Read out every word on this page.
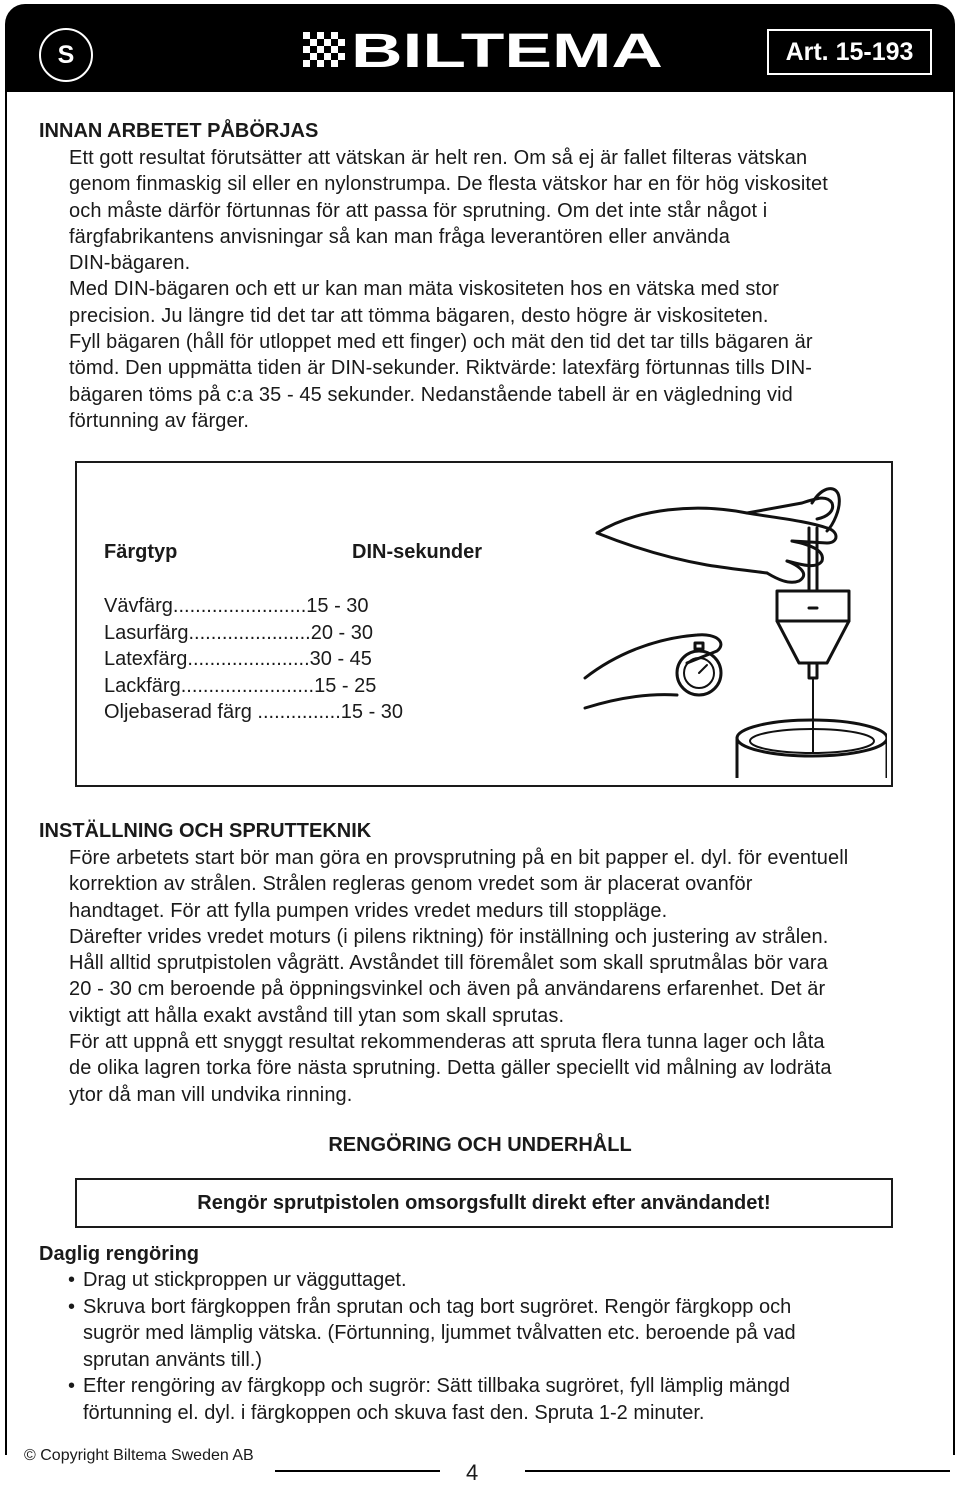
S	BILTEMA	Art. 15-193
INNAN ARBETET PÅBÖRJAS
Ett gott resultat förutsätter att vätskan är helt ren. Om så ej är fallet filteras vätskan
genom finmaskig sil eller en nylonstrumpa. De flesta vätskor har en för hög viskositet
och måste därför förtunnas för att passa för sprutning. Om det inte står något i
färgfabrikantens anvisningar så kan man fråga leverantören eller använda
DIN-bägaren.
Med DIN-bägaren och ett ur kan man mäta viskositeten hos en vätska med stor
precision. Ju längre tid det tar att tömma bägaren, desto högre är viskositeten.
Fyll bägaren (håll för utloppet med ett finger) och mät den tid det tar tills bägaren är
tömd. Den uppmätta tiden är DIN-sekunder. Riktvärde: latexfärg förtunnas tills DIN-
bägaren töms på c:a 35 - 45 sekunder. Nedanstående tabell är en vägledning vid
förtunning av färger.
Färgtyp	DIN-sekunder
Vävfärg........................15 - 30
Lasurfärg......................20 - 30
Latexfärg......................30 - 45
Lackfärg........................15 - 25
Oljebaserad färg ...............15 - 30
INSTÄLLNING OCH SPRUTTEKNIK
Före arbetets start bör man göra en provsprutning på en bit papper el. dyl. för eventuell
korrektion av strålen. Strålen regleras genom vredet som är placerat ovanför
handtaget. För att fylla pumpen vrides vredet medurs till stoppläge.
Därefter vrides vredet moturs (i pilens riktning) för inställning och justering av strålen.
Håll alltid sprutpistolen vågrätt. Avståndet till föremålet som skall sprutmålas bör vara
20 - 30 cm beroende på öppningsvinkel och även på användarens erfarenhet. Det är
viktigt att hålla exakt avstånd till ytan som skall sprutas.
För att uppnå ett snyggt resultat rekommenderas att spruta flera tunna lager och låta
de olika lagren torka före nästa sprutning. Detta gäller speciellt vid målning av lodräta
ytor då man vill undvika rinning.
RENGÖRING OCH UNDERHÅLL
Rengör sprutpistolen omsorgsfullt direkt efter användandet!
Daglig rengöring
• Drag ut stickproppen ur vägguttaget.
• Skruva bort färgkoppen från sprutan och tag bort sugröret. Rengör färgkopp och
sugrör med lämplig vätska. (Förtunning, ljummet tvålvatten etc. beroende på vad
sprutan använts till.)
• Efter rengöring av färgkopp och sugrör: Sätt tillbaka sugröret, fyll lämplig mängd
förtunning el. dyl. i färgkoppen och skuva fast den. Spruta 1-2 minuter.
© Copyright Biltema Sweden AB
4
